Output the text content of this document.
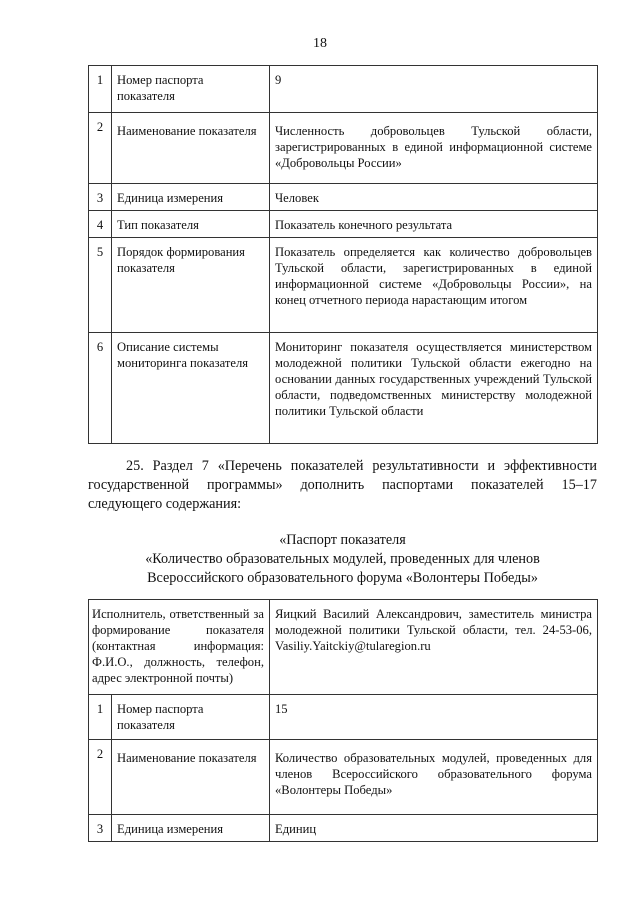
18
1	Номер паспорта показателя	9
2	Наименование показателя	Численность добровольцев Тульской области, зарегистрированных в единой информационной системе «Добровольцы России»
3	Единица измерения	Человек
4	Тип показателя	Показатель конечного результата
5	Порядок формирования показателя	Показатель определяется как количество добровольцев Тульской области, зарегистрированных в единой информационной системе «Добровольцы России», на конец отчетного периода нарастающим итогом
6	Описание системы мониторинга показателя	Мониторинг показателя осуществляется министерством молодежной политики Тульской области ежегодно на основании данных государственных учреждений Тульской области, подведомственных министерству молодежной политики Тульской области
25. Раздел 7 «Перечень показателей результативности и эффективности государственной программы» дополнить паспортами показателей 15–17 следующего содержания:
«Паспорт показателя
«Количество образовательных модулей, проведенных для членов
Всероссийского образовательного форума «Волонтеры Победы»
Исполнитель, ответственный за формирование показателя (контактная информация: Ф.И.О., должность, телефон, адрес электронной почты)		Яицкий Василий Александрович, заместитель министра молодежной политики Тульской области, тел. 24-53-06, Vasiliy.Yaitckiy@tularegion.ru
1	Номер паспорта показателя	15
2	Наименование показателя	Количество образовательных модулей, проведенных для членов Всероссийского образовательного форума «Волонтеры Победы»
3	Единица измерения	Единиц
